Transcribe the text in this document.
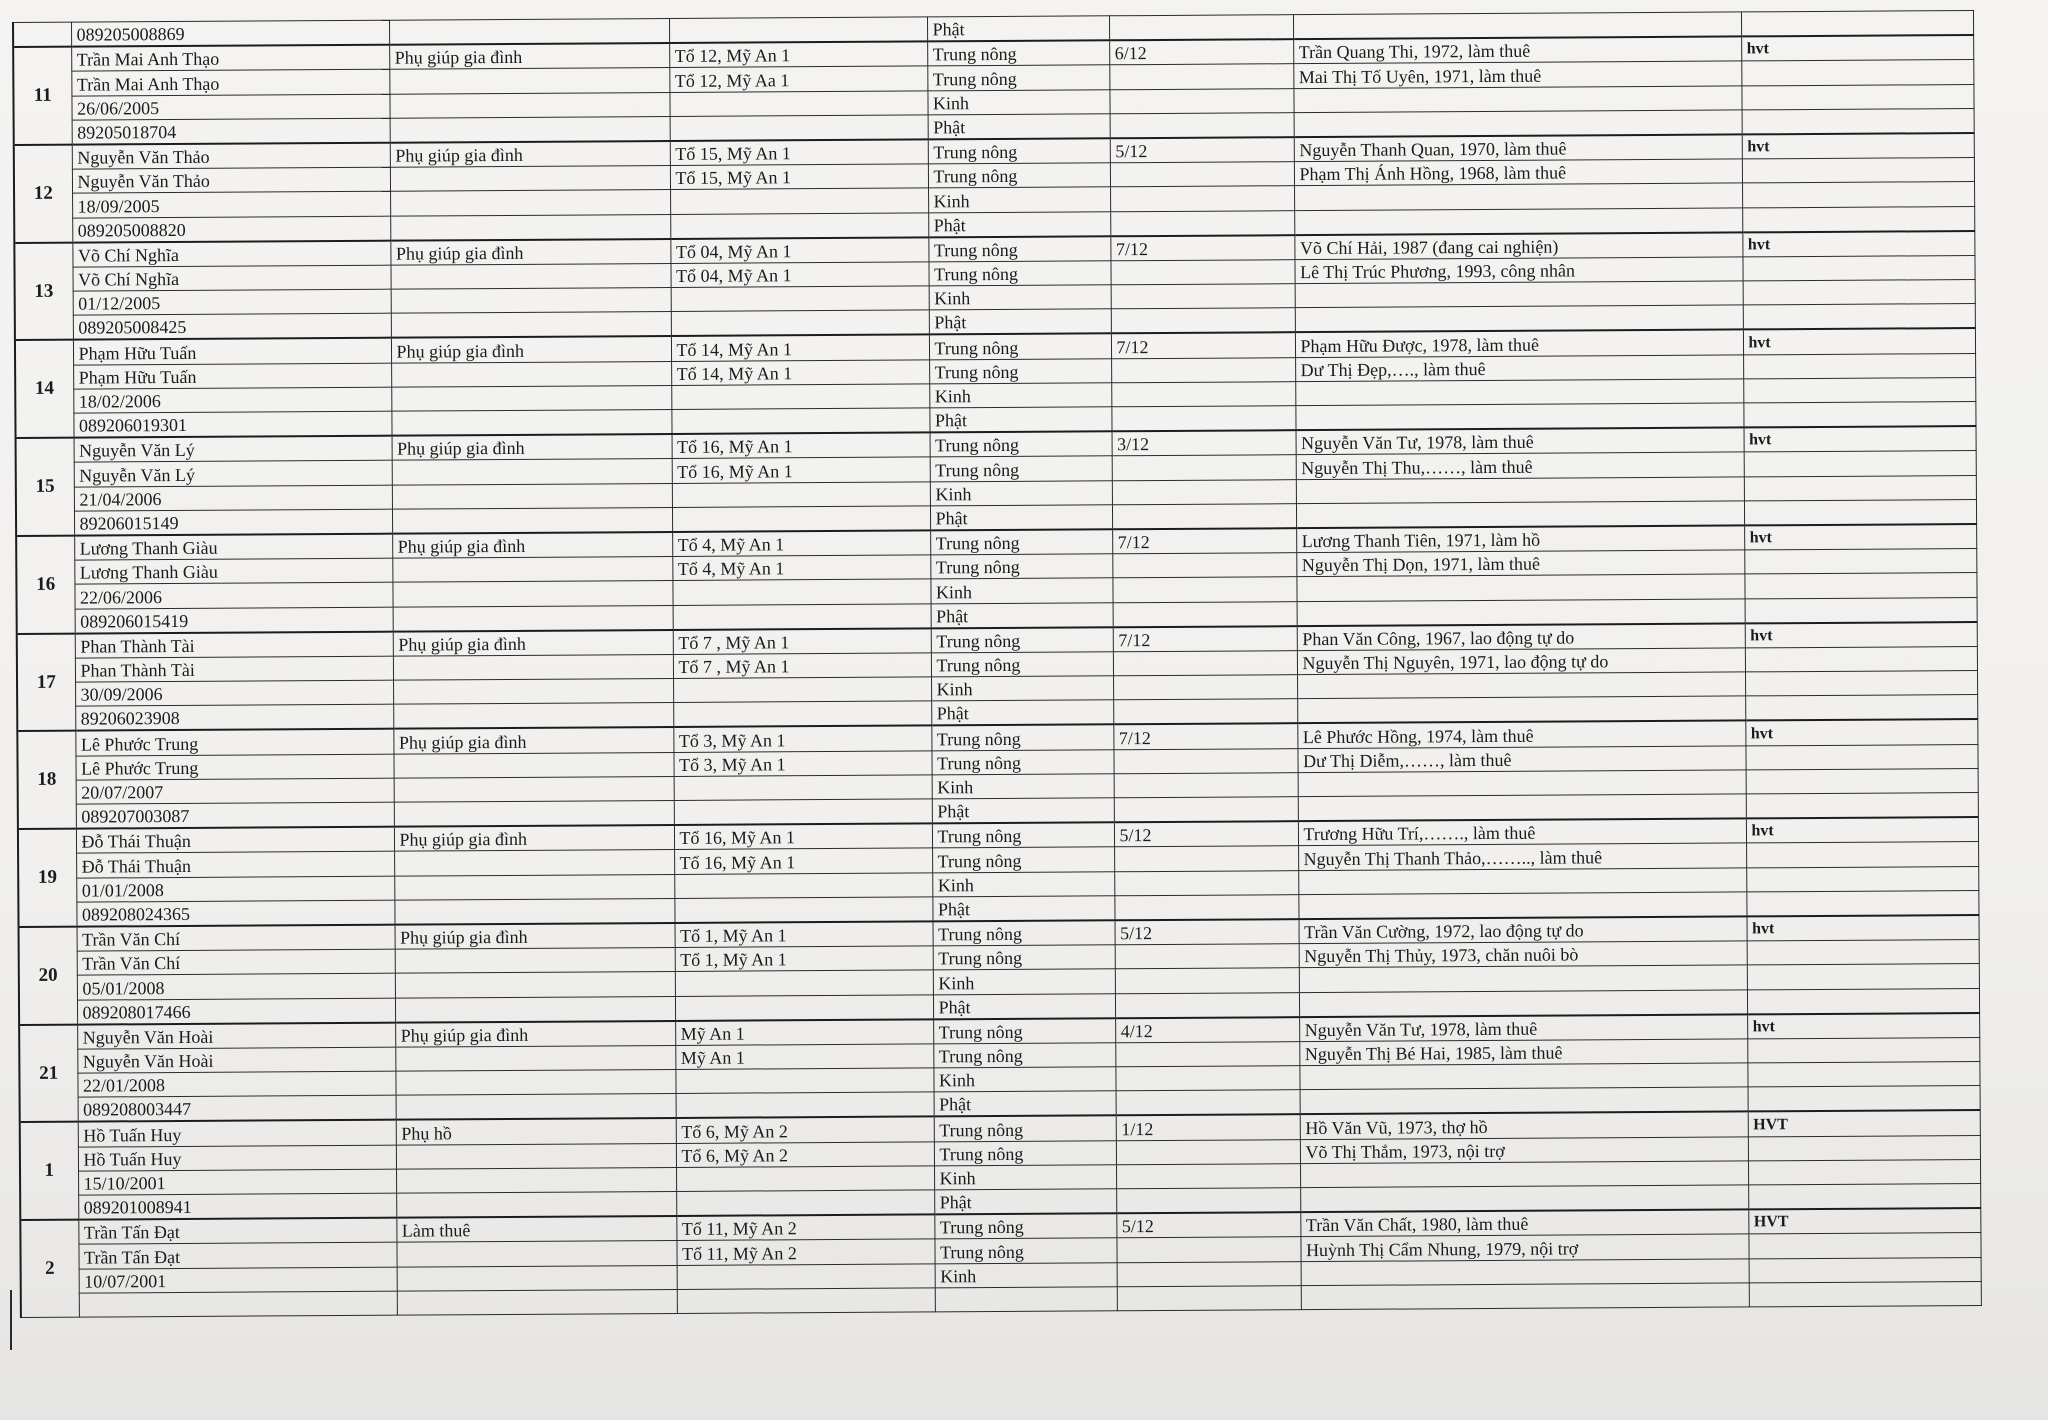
	089205008869			Phật			
11	Trần Mai Anh Thạo	Phụ giúp gia đình	Tổ 12, Mỹ An 1	Trung nông	6/12	Trần Quang Thi, 1972, làm thuê	hvt
	Trần Mai Anh Thạo		Tổ 12, Mỹ Aa 1	Trung nông		Mai Thị Tố Uyên, 1971, làm thuê	
	26/06/2005			Kinh			
	89205018704			Phật			
12	Nguyễn Văn Thảo	Phụ giúp gia đình	Tổ 15, Mỹ An 1	Trung nông	5/12	Nguyễn Thanh Quan, 1970, làm thuê	hvt
	Nguyễn Văn Thảo		Tổ 15, Mỹ An 1	Trung nông		Phạm Thị Ánh Hồng, 1968, làm thuê	
	18/09/2005			Kinh			
	089205008820			Phật			
13	Võ Chí Nghĩa	Phụ giúp gia đình	Tổ 04, Mỹ An 1	Trung nông	7/12	Võ Chí Hải, 1987 (đang cai nghiện)	hvt
	Võ Chí Nghĩa		Tổ 04, Mỹ An 1	Trung nông		Lê Thị Trúc Phương, 1993, công nhân	
	01/12/2005			Kinh			
	089205008425			Phật			
14	Phạm Hữu Tuấn	Phụ giúp gia đình	Tổ 14, Mỹ An 1	Trung nông	7/12	Phạm Hữu Được, 1978, làm thuê	hvt
	Phạm Hữu Tuấn		Tổ 14, Mỹ An 1	Trung nông		Dư Thị Đẹp,…., làm thuê	
	18/02/2006			Kinh			
	089206019301			Phật			
15	Nguyễn Văn Lý	Phụ giúp gia đình	Tổ 16, Mỹ An 1	Trung nông	3/12	Nguyễn Văn Tư, 1978, làm thuê	hvt
	Nguyễn Văn Lý		Tổ 16, Mỹ An 1	Trung nông		Nguyễn Thị Thu,……, làm thuê	
	21/04/2006			Kinh			
	89206015149			Phật			
16	Lương Thanh Giàu	Phụ giúp gia đình	Tổ 4, Mỹ An 1	Trung nông	7/12	Lương Thanh Tiên, 1971, làm hồ	hvt
	Lương Thanh Giàu		Tổ 4, Mỹ An 1	Trung nông		Nguyễn Thị Dọn, 1971, làm thuê	
	22/06/2006			Kinh			
	089206015419			Phật			
17	Phan Thành Tài	Phụ giúp gia đình	Tổ 7 , Mỹ An 1	Trung nông	7/12	Phan Văn Công, 1967, lao động tự do	hvt
	Phan Thành Tài		Tổ 7 , Mỹ An 1	Trung nông		Nguyễn Thị Nguyên, 1971, lao động tự do	
	30/09/2006			Kinh			
	89206023908			Phật			
18	Lê Phước Trung	Phụ giúp gia đình	Tổ 3, Mỹ An 1	Trung nông	7/12	Lê Phước Hồng, 1974, làm thuê	hvt
	Lê Phước Trung		Tổ 3, Mỹ An 1	Trung nông		Dư Thị Diễm,……, làm thuê	
	20/07/2007			Kinh			
	089207003087			Phật			
19	Đỗ Thái Thuận	Phụ giúp gia đình	Tổ 16, Mỹ An 1	Trung nông	5/12	Trương Hữu Trí,……., làm thuê	hvt
	Đỗ Thái Thuận		Tổ 16, Mỹ An 1	Trung nông		Nguyễn Thị Thanh Thảo,…….., làm thuê	
	01/01/2008			Kinh			
	089208024365			Phật			
20	Trần Văn Chí	Phụ giúp gia đình	Tổ 1, Mỹ An 1	Trung nông	5/12	Trần Văn Cường, 1972, lao động tự do	hvt
	Trần Văn Chí		Tổ 1, Mỹ An 1	Trung nông		Nguyễn Thị Thủy, 1973, chăn nuôi bò	
	05/01/2008			Kinh			
	089208017466			Phật			
21	Nguyễn Văn Hoài	Phụ giúp gia đình	Mỹ An 1	Trung nông	4/12	Nguyễn Văn Tư, 1978, làm thuê	hvt
	Nguyễn Văn Hoài		Mỹ An 1	Trung nông		Nguyễn Thị Bé Hai, 1985, làm thuê	
	22/01/2008			Kinh			
	089208003447			Phật			
1	Hồ Tuấn Huy	Phụ hồ	Tổ 6, Mỹ An 2	Trung nông	1/12	Hồ Văn Vũ, 1973, thợ hồ	HVT
	Hồ Tuấn Huy		Tổ 6, Mỹ An 2	Trung nông		Võ Thị Thắm, 1973, nội trợ	
	15/10/2001			Kinh			
	089201008941			Phật			
2	Trần Tấn Đạt	Làm thuê	Tổ 11, Mỹ An 2	Trung nông	5/12	Trần Văn Chất, 1980, làm thuê	HVT
	Trần Tấn Đạt		Tổ 11, Mỹ An 2	Trung nông		Huỳnh Thị Cẩm Nhung, 1979, nội trợ	
	10/07/2001			Kinh			
